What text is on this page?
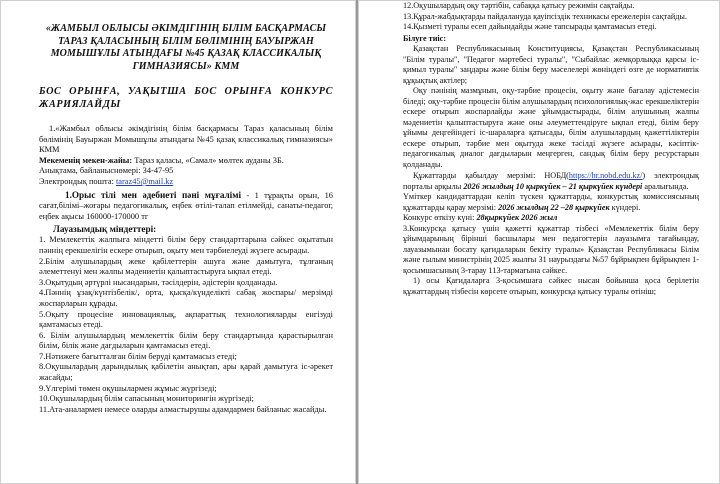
«ЖАМБЫЛ ОБЛЫСЫ ӘКІМДІГІНІҢ БІЛІМ БАСҚАРМАСЫ ТАРАЗ ҚАЛАСЫНЫҢ БІЛІМ БӨЛІМІНІҢ БАУЫРЖАН МОМЫШҰЛЫ АТЫНДАҒЫ №45 ҚАЗАҚ КЛАССИКАЛЫҚ ГИМНАЗИЯСЫ» КММ
БОС ОРЫНҒА, УАҚЫТША БОС ОРЫНҒА КОНКУРС ЖАРИЯЛАЙДЫ
1.«Жамбыл облысы әкімдігінің білім басқармасы Тараз қаласының білім бөлімінің Бауыржан Момышұлы атындағы №45 қазақ классикалық гимназиясы» КММ
Мекеменің мекен-жайы: Тараз қаласы, «Самал» мөлтек ауданы 3Б.
Анықтама, байланыснөмері: 34-47-95
Электрондық пошта: taraz45@mail.kz
1.Орыс тілі мен әдебиеті пәні мұғалімі - 1 тұрақты орын, 16 сағат,білімі–жоғары педагогикалық, еңбек өтілі-талап етілмейді, санаты-педагог, еңбек ақысы 160000-170000 тг
Лауазымдық міндеттері:
1. Мемлекеттік жалпыға міндетті білім беру стандарттарына сәйкес оқытатын пәннің ерекшелігін ескере отырып, оқыту мен тәрбиелеуді жүзеге асырады.
2.Білім алушылардың жеке қабілеттерін ашуға және дамытуға, тұлғаның әлеметтенуі мен жалпы мәдениетін қалыптастыруға ықпал етеді.
3.Оқытудың әртүрлі нысандарын, тәсілдерін, әдістерін қолданады.
4.Пәннің ұзақ/күнтізбелік/, орта, қысқа/күнделікті сабақ жоспары/ мерзімді жоспарларын құрады.
5.Оқыту процесіне инновациялық, ақпараттық технологияларды енгізуді қамтамасыз етеді.
6. Білім алушылардың мемлекеттік білім беру стандартында қарастырылған білім, білік және дағдыларын қамтамасыз етеді.
7.Нәтижеге бағытталған білім беруді қамтамасыз етеді;
8.Оқушылардың дарындылық қабілетін анықтап, ары қарай дамытуға іс-әрекет жасайды;
9.Үлгерімі төмен оқушылармен жұмыс жүргізеді;
10.Оқушылардың білім сапасының мониторингін жүргізеді;
11.Ата-аналармен немесе оларды алмастырушы адамдармен байланыс жасайды.
12.Оқушылардың оқу тәртібін, сабаққа қатысу режимін сақтайды.
13.Құрал-жабдықтарды пайдалануда қауіпсіздік техникасы ережелерін сақтайды.
14.Қызметі туралы есеп дайындайды және тапсырады қамтамасыз етеді.
Білуге тиіс:
Қазақстан Республикасының Конституциясы, Қазақстан Республикасының "Білім туралы", "Педагог мәртебесі туралы", "Сыбайлас жемқорлыққа қарсы іс-қимыл туралы" заңдары және білім беру мәселелері жөніндегі өзге де нормативтік құқықтық актілер;
Оқу пәнінің мазмұнын, оқу-тәрбие процесін, оқыту және бағалау әдістемесін біледі; оқу-тәрбие процесін білім алушылардың психологиялық-жас ерекшеліктерін ескере отырып жоспарлайды және ұйымдастырады, білім алушының жалпы мәдениетін қалыптастыруға және оны әлеуметтендіруге ықпал етеді, білім беру ұйымы деңгейіндегі іс-шараларға қатысады, білім алушылардың қажеттіліктерін ескере отырып, тәрбие мен оқытуда жеке тәсілді жүзеге асырады, кәсіптік-педагогикалық диалог дағдыларын меңгерген, сандық білім беру ресурстарын қолданады.
Құжаттарды қабылдау мерзімі: НОБД(https://hr.nobd.edu.kz/) электрондық порталы арқылы 2026 жылдың 10 қыркүйек – 21 қыркүйек күндері аралығында.
Үміткер кандидаттардан келіп түскен құжаттарды, конкурстық комиссиясының құжаттарды қарау мерзімі: 2026 жылдың 22 –28 қыркүйек күндері.
Конкурс өткізу күні: 28қыркүйек 2026 жыл
3.Конкурсқа қатысу үшін қажетті құжаттар тізбесі «Мемлекеттік білім беру ұйымдарының бірінші басшылары мен педагогтерін лауазымға тағайындау, лауазымынан босату қағидаларын бекіту туралы» Қазақстан Республикасы Білім және ғылым министрінің 2025 жылғы 31 наурыздағы №57 бұйрықпен бұйрықпен 1-қосымшасының 3-тарау 113-тармағына сәйкес.
1) осы Қағидаларға 3-қосымшаға сәйкес нысан бойынша қоса берілетін құжаттардың тізбесін көрсете отырып, конкурсқа қатысу туралы өтініш;
